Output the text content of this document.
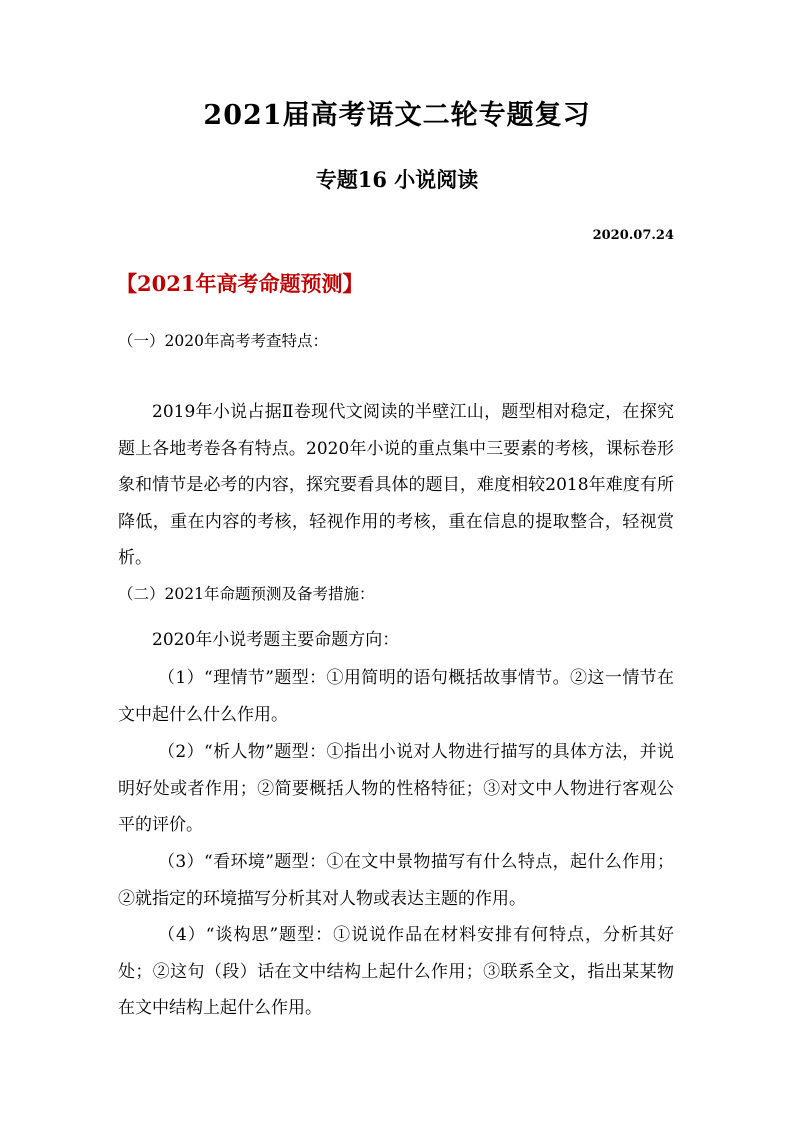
2021届高考语文二轮专题复习
专题16 小说阅读
2020.07.24
【2021年高考命题预测】
（一）2020年高考考查特点：

2019年小说占据Ⅱ卷现代文阅读的半壁江山，题型相对稳定，在探究题上各地考卷各有特点。2020年小说的重点集中三要素的考核，课标卷形象和情节是必考的内容，探究要看具体的题目，难度相较2018年难度有所降低，重在内容的考核，轻视作用的考核，重在信息的提取整合，轻视赏析。

（二）2021年命题预测及备考措施：

2020年小说考题主要命题方向：

（1）“理情节”题型：①用简明的语句概括故事情节。②这一情节在文中起什么什么作用。

（2）“析人物”题型：①指出小说对人物进行描写的具体方法，并说明好处或者作用；②简要概括人物的性格特征；③对文中人物进行客观公平的评价。

（3）“看环境”题型：①在文中景物描写有什么特点，起什么作用；②就指定的环境描写分析其对人物或表达主题的作用。

（4）“谈构思”题型：①说说作品在材料安排有何特点，分析其好处；②这句（段）话在文中结构上起什么作用；③联系全文，指出某某物在文中结构上起什么作用。
